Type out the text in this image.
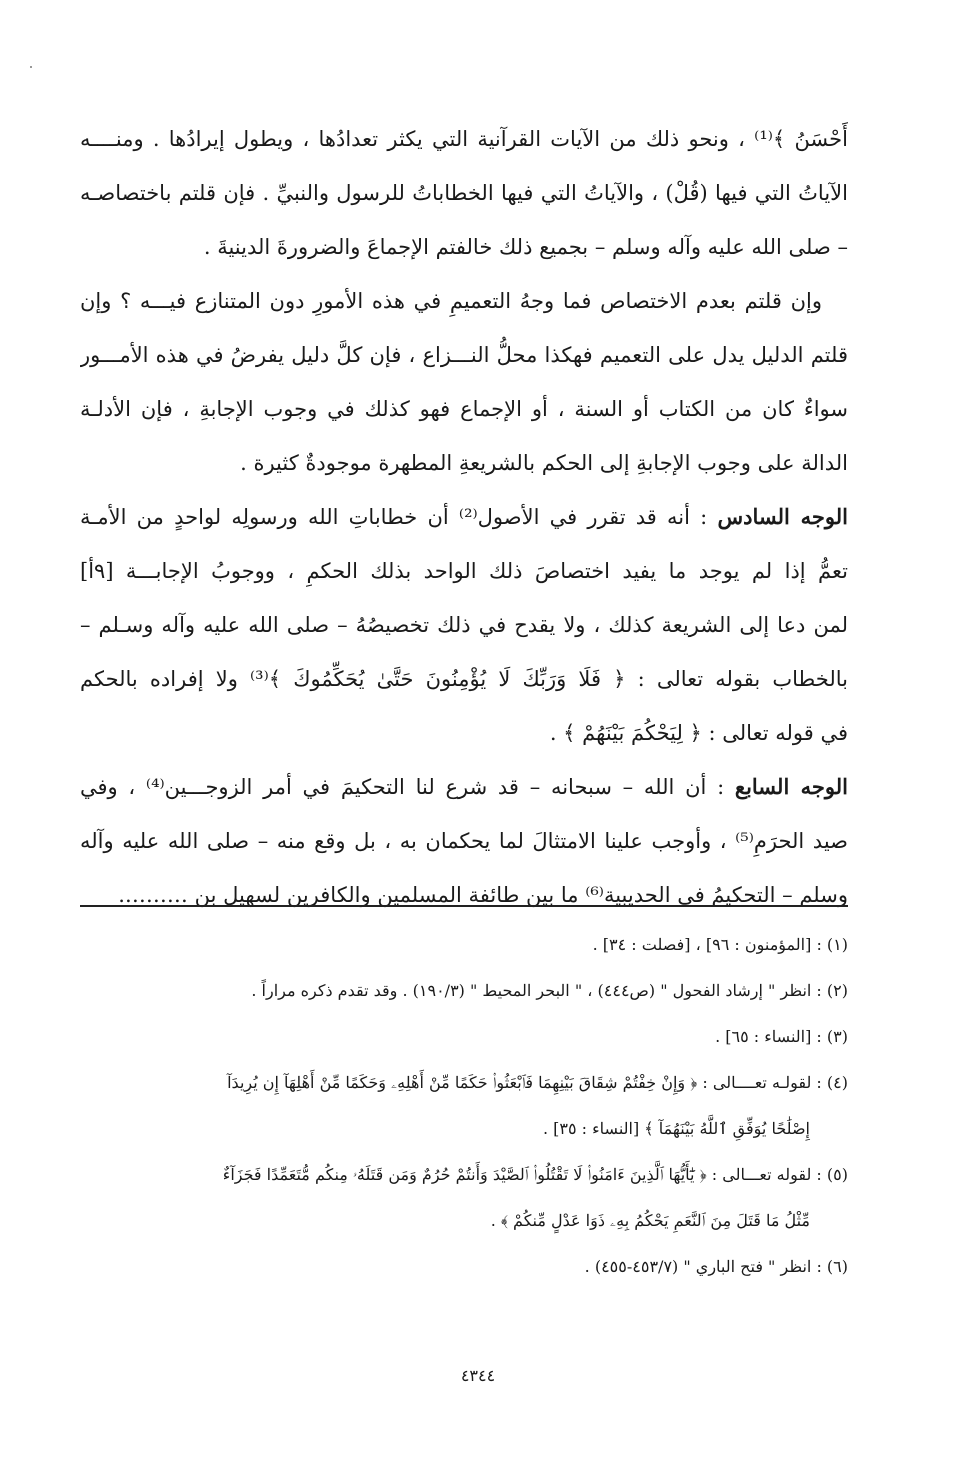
أَحْسَنُ ﴾⁽¹⁾ ، ونحو ذلك من الآيات القرآنية التي يكثر تعدادُها ، ويطول إيرادُها . ومنــــه
الآياتُ التي فيها (قُلْ) ، والآياتُ التي فيها الخطاباتُ للرسول والنبيِّ . فإن قلتم باختصاصـه
– صلى الله عليه وآله وسلم – بجميع ذلك خالفتم الإجماعَ والضرورةَ الدينيةَ .
وإن قلتم بعدم الاختصاص فما وجهُ التعميمِ في هذه الأمورِ دون المتنازع فيـــه ؟ وإن
قلتم الدليل يدل على التعميم فهكذا محلُّ النـــزاع ، فإن كلَّ دليل يفرضُ في هذه الأمـــور
سواءٌ كان من الكتاب أو السنة ، أو الإجماع فهو كذلك في وجوب الإجابةِ ، فإن الأدلـة
الدالة على وجوب الإجابةِ إلى الحكم بالشريعةِ المطهرة موجودةٌ كثيرة .
الوجه السادس : أنه قد تقرر في الأصول⁽²⁾ أن خطاباتِ الله ورسولِه لواحدٍ من الأمـة
تعمُّ إذا لم يوجد ما يفيد اختصاصَ ذلك الواحد بذلك الحكمِ ، ووجوبُ الإجابـــة [٩أ]
لمن دعا إلى الشريعة كذلك ، ولا يقدح في ذلك تخصيصُهُ – صلى الله عليه وآله وسـلم –
بالخطاب بقوله تعالى : ﴿ فَلَا وَرَبِّكَ لَا يُؤْمِنُونَ حَتَّىٰ يُحَكِّمُوكَ ﴾⁽³⁾ ولا إفراده بالحكم
في قوله تعالى : ﴿ لِيَحْكُمَ بَيْنَهُمْ ﴾ .
الوجه السابع : أن الله – سبحانه – قد شرع لنا التحكيمَ في أمر الزوجـــين⁽⁴⁾ ، وفي
صيد الحرَمِ⁽⁵⁾ ، وأوجب علينا الامتثالَ لما يحكمان به ، بل وقع منه – صلى الله عليه وآله
وسلم – التحكيمُ في الحديبية⁽⁶⁾ ما بين طائفة المسلمين والكافرين لسهيل بن ……….
(١) : [المؤمنون : ٩٦] ، [فصلت : ٣٤] .
(٢) : انظر " إرشاد الفحول " (ص٤٤٤) ، " البحر المحيط " (١٩٠/٣) . وقد تقدم ذكره مراراً .
(٣) : [النساء : ٦٥] .
(٤) : لقولـه تعــــالى : ﴿ وَإِنْ خِفْتُمْ شِقَاقَ بَيْنِهِمَا فَٱبْعَثُوا۟ حَكَمًا مِّنْ أَهْلِهِۦ وَحَكَمًا مِّنْ أَهْلِهَآ إِن يُرِيدَآ
إِصْلَٰحًا يُوَفِّقِ ٱللَّهُ بَيْنَهُمَآ ﴾ [النساء : ٣٥] .
(٥) : لقوله تعـــالى : ﴿ يَٰٓأَيُّهَا ٱلَّذِينَ ءَامَنُوا۟ لَا تَقْتُلُوا۟ ٱلصَّيْدَ وَأَنتُمْ حُرُمٌ وَمَن قَتَلَهُۥ مِنكُم مُّتَعَمِّدًا فَجَزَآءٌ
مِّثْلُ مَا قَتَلَ مِنَ ٱلنَّعَمِ يَحْكُمُ بِهِۦ ذَوَا عَدْلٍ مِّنكُمْ ﴾ .
(٦) : انظر " فتح الباري " (٤٥٣/٧-٤٥٥) .
٤٣٤٤
